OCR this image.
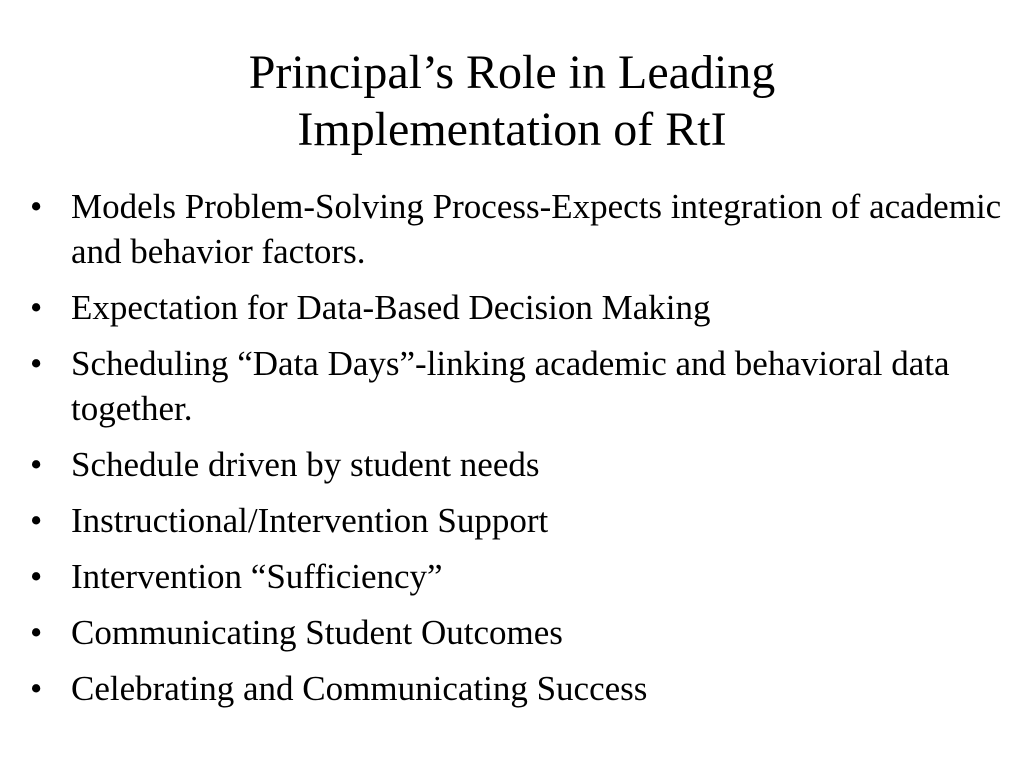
Principal’s Role in Leading
Implementation of RtI
• Models Problem-Solving Process-Expects integration of academic and behavior factors.
• Expectation for Data-Based Decision Making
• Scheduling “Data Days”-linking academic and behavioral data together.
• Schedule driven by student needs
• Instructional/Intervention Support
• Intervention “Sufficiency”
• Communicating Student Outcomes
• Celebrating and Communicating Success
